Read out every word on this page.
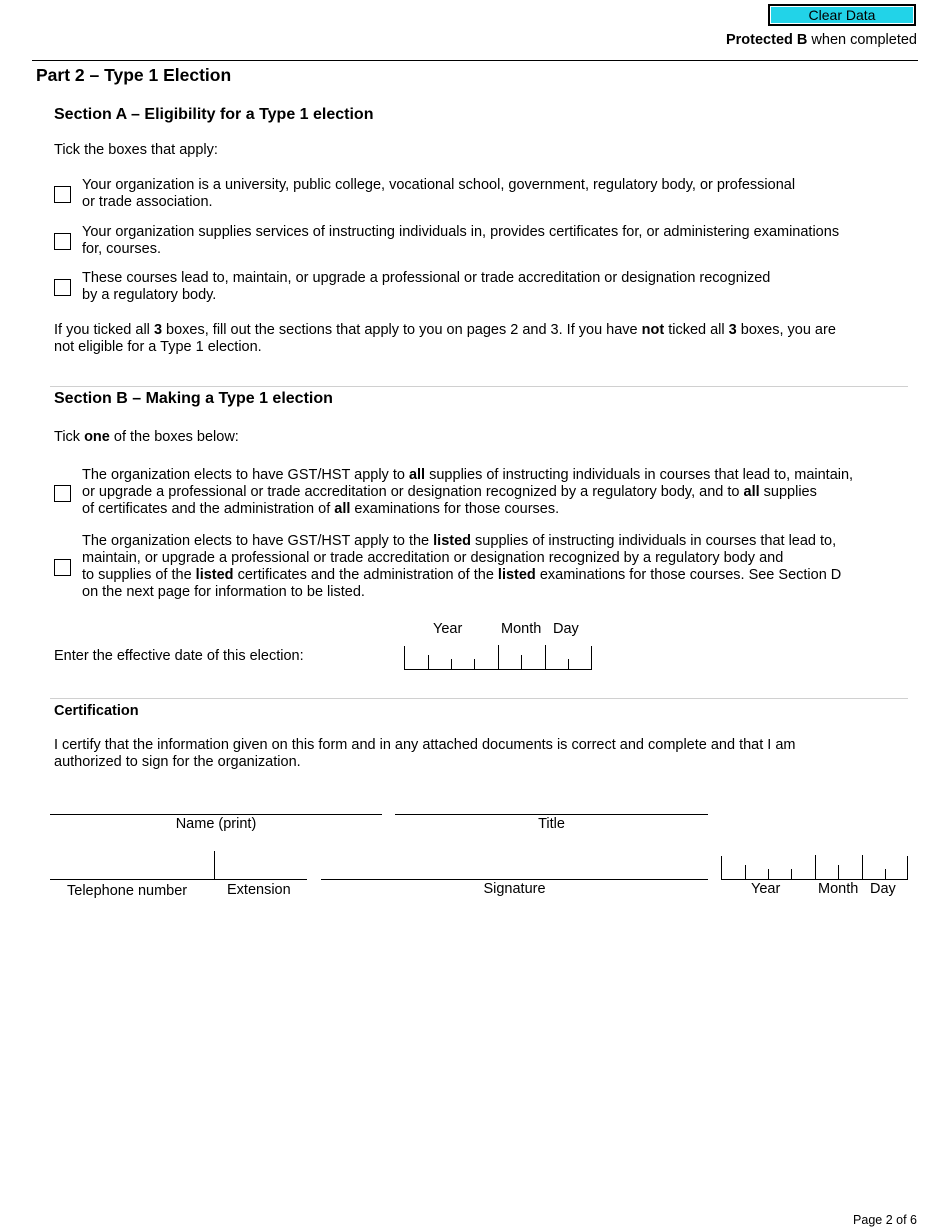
Clear Data
Protected B when completed
Part 2 – Type 1 Election
Section A – Eligibility for a Type 1 election
Tick the boxes that apply:
Your organization is a university, public college, vocational school, government, regulatory body, or professional
or trade association.
Your organization supplies services of instructing individuals in, provides certificates for, or administering examinations
for, courses.
These courses lead to, maintain, or upgrade a professional or trade accreditation or designation recognized
by a regulatory body.
If you ticked all 3 boxes, fill out the sections that apply to you on pages 2 and 3. If you have not ticked all 3 boxes, you are
not eligible for a Type 1 election.
Section B – Making a Type 1 election
Tick one of the boxes below:
The organization elects to have GST/HST apply to all supplies of instructing individuals in courses that lead to, maintain,
or upgrade a professional or trade accreditation or designation recognized by a regulatory body, and to all supplies
of certificates and the administration of all examinations for those courses.
The organization elects to have GST/HST apply to the listed supplies of instructing individuals in courses that lead to,
maintain, or upgrade a professional or trade accreditation or designation recognized by a regulatory body and
to supplies of the listed certificates and the administration of the listed examinations for those courses. See Section D
on the next page for information to be listed.
Year	Month Day
Enter the effective date of this election:
Certification
I certify that the information given on this form and in any attached documents is correct and complete and that I am
authorized to sign for the organization.
Name (print)	Title
Telephone number	Extension	Signature	Year	Month Day
Page 2 of 6
